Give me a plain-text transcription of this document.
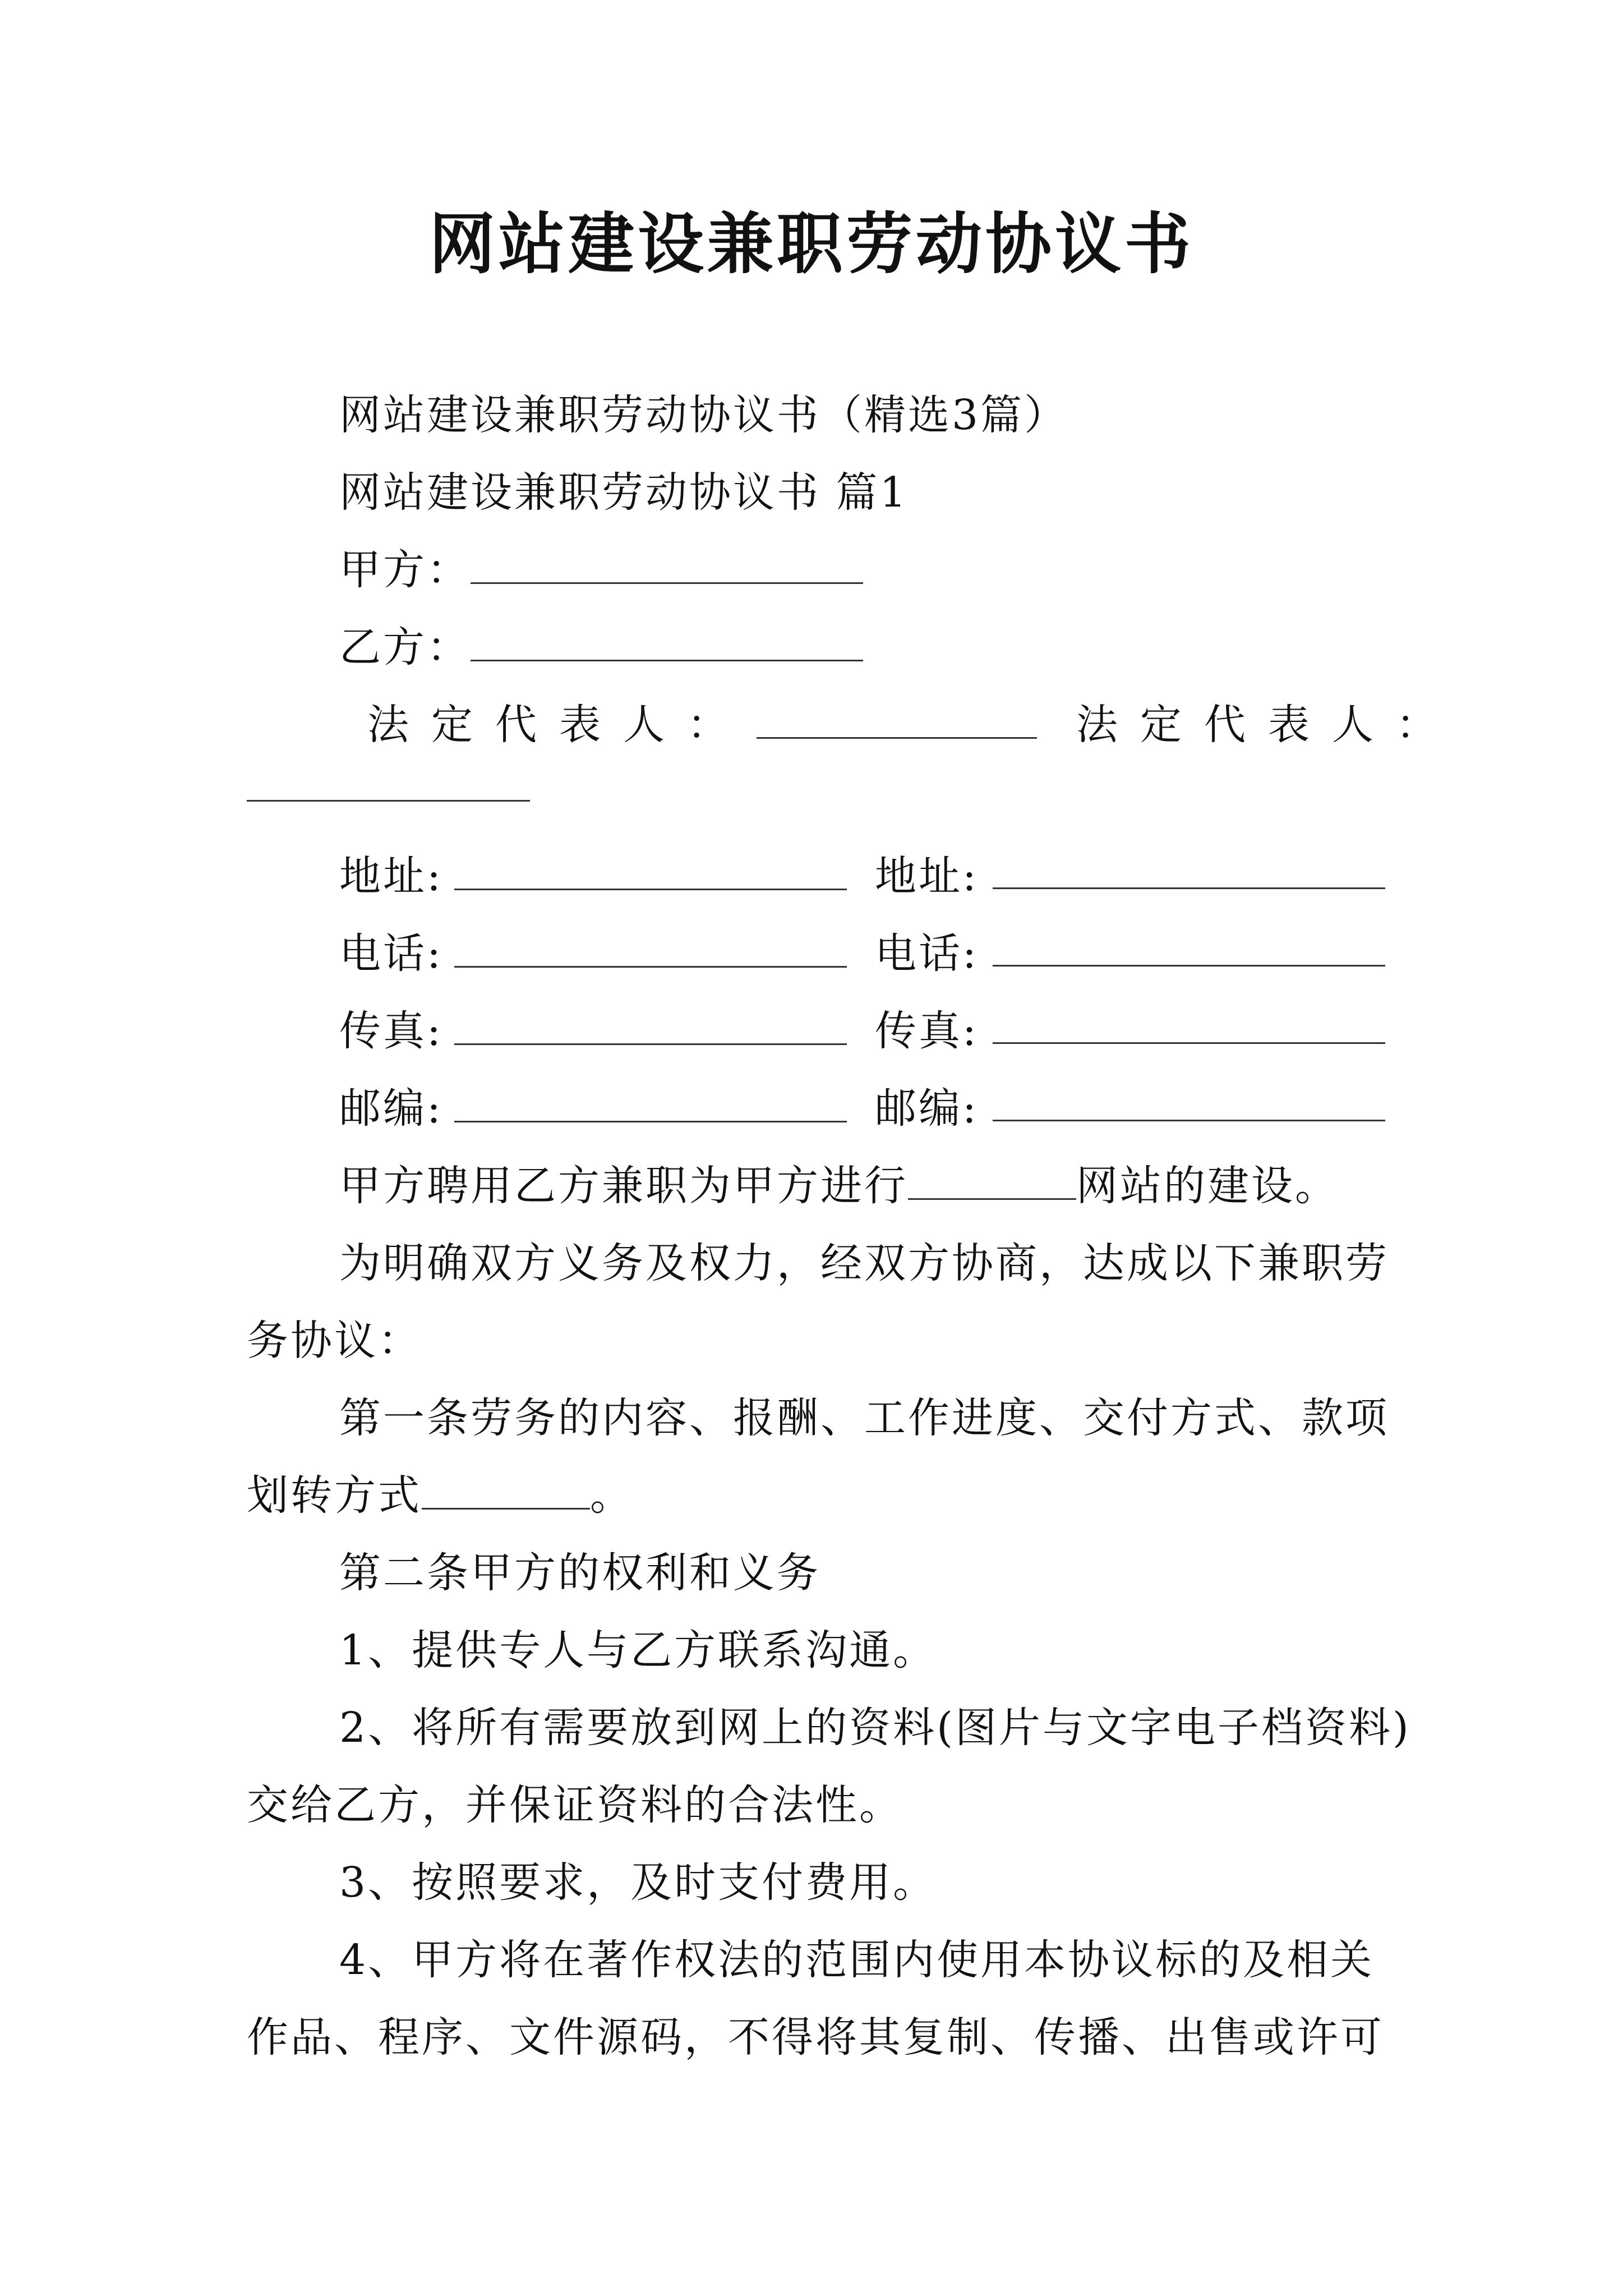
网站建设兼职劳动协议书
网站建设兼职劳动协议书（精选3篇）
网站建设兼职劳动协议书 篇1
甲方：
乙方：
法定代表人：	法定代表人：
地址:	地址:
电话:	电话:
传真:	传真:
邮编:	邮编:
甲方聘用乙方兼职为甲方进行	网站的建设。
为明确双方义务及权力，经双方协商，达成以下兼职劳
务协议：
第一条劳务的内容、报酬、工作进度、交付方式、款项
划转方式	。
第二条甲方的权利和义务
1、提供专人与乙方联系沟通。
2、将所有需要放到网上的资料(图片与文字电子档资料)
交给乙方，并保证资料的合法性。
3、按照要求，及时支付费用。
4、甲方将在著作权法的范围内使用本协议标的及相关
作品、程序、文件源码，不得将其复制、传播、出售或许可
